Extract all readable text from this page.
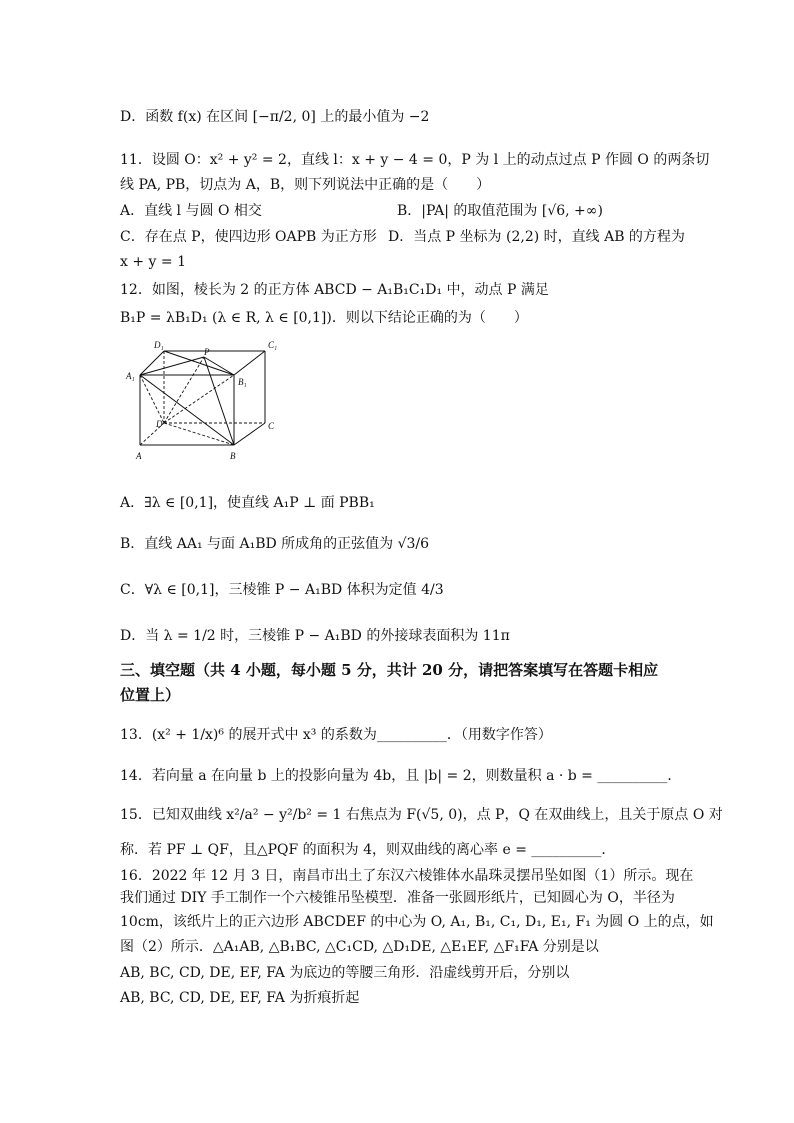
D．函数 f(x) 在区间 [−π/2, 0] 上的最小值为 −2
11．设圆 O：x² + y² = 2，直线 l：x + y − 4 = 0，P 为 l 上的动点过点 P 作圆 O 的两条切
线 PA, PB，切点为 A，B，则下列说法中正确的是（　　）
A．直线 l 与圆 O 相交	B．|PA| 的取值范围为 [√6, +∞)
C．存在点 P，使四边形 OAPB 为正方形 D．当点 P 坐标为 (2,2) 时，直线 AB 的方程为
x + y = 1
12．如图，棱长为 2 的正方体 ABCD − A₁B₁C₁D₁ 中，动点 P 满足
B₁P = λB₁D₁ (λ ∈ R, λ ∈ [0,1])．则以下结论正确的为（　　）
D₁	C₁
A₁
B₁
P
D	C
A	B
A．∃λ ∈ [0,1]，使直线 A₁P ⊥ 面 PBB₁
B．直线 AA₁ 与面 A₁BD 所成角的正弦值为 √3/6
C．∀λ ∈ [0,1]，三棱锥 P − A₁BD 体积为定值 4/3
D．当 λ = 1/2 时，三棱锥 P − A₁BD 的外接球表面积为 11π
三、填空题（共 4 小题，每小题 5 分，共计 20 分，请把答案填写在答题卡相应
位置上）
13．(x² + 1/x)⁶ 的展开式中 x³ 的系数为__________．（用数字作答）
14．若向量 a 在向量 b 上的投影向量为 4b，且 |b| = 2，则数量积 a · b = __________．
15．已知双曲线 x²/a² − y²/b² = 1 右焦点为 F(√5, 0)，点 P，Q 在双曲线上，且关于原点 O 对
称．若 PF ⊥ QF，且△PQF 的面积为 4，则双曲线的离心率 e = __________．
16．2022 年 12 月 3 日，南昌市出土了东汉六棱锥体水晶珠灵摆吊坠如图（1）所示。现在
我们通过 DIY 手工制作一个六棱锥吊坠模型．准备一张圆形纸片，已知圆心为 O，半径为
10cm，该纸片上的正六边形 ABCDEF 的中心为 O, A₁, B₁, C₁, D₁, E₁, F₁ 为圆 O 上的点，如
图（2）所示．△A₁AB, △B₁BC, △C₁CD, △D₁DE, △E₁EF, △F₁FA 分别是以
AB, BC, CD, DE, EF, FA 为底边的等腰三角形．沿虚线剪开后，分别以
AB, BC, CD, DE, EF, FA 为折痕折起
